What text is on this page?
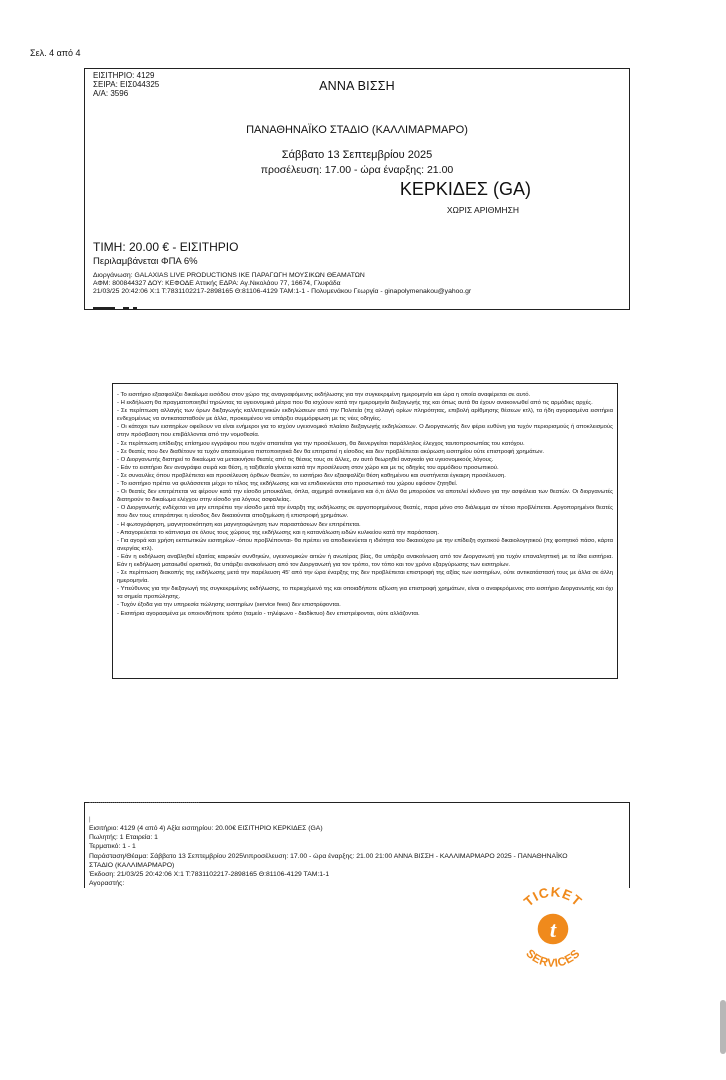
Σελ. 4 από 4
ΕΙΣΙΤΗΡΙΟ: 4129
ΣΕΙΡΑ: ΕΙΣ044325
Α/Α: 3596
ΑΝΝΑ ΒΙΣΣΗ
ΠΑΝΑΘΗΝΑΪΚΟ ΣΤΑΔΙΟ (ΚΑΛΛΙΜΑΡΜΑΡΟ)
Σάββατο 13 Σεπτεμβρίου 2025
προσέλευση: 17.00 - ώρα έναρξης: 21.00
ΚΕΡΚΙΔΕΣ (GA)
ΧΩΡΙΣ ΑΡΙΘΜΗΣΗ
ΤΙΜΗ: 20.00 € - ΕΙΣΙΤΗΡΙΟ
Περιλαμβάνεται ΦΠΑ 6%
Διοργάνωση: GALAXIAS LIVE PRODUCTIONS ΙΚΕ ΠΑΡΑΓΩΓΗ ΜΟΥΣΙΚΩΝ ΘΕΑΜΑΤΩΝ
ΑΦΜ: 800844327 ΔΟΥ: ΚΕΦΟΔΕ Αττικής ΕΔΡΑ: Αγ.Νικολάου 77, 16674, Γλυφάδα
21/03/25 20:42:06 Χ:1 Τ:7831102217-2898165 Θ:81106-4129 ΤΑΜ:1-1 - Πολυμενάκου Γεωργία - ginapolymenakou@yahoo.gr

- Το εισιτήριο εξασφαλίζει δικαίωμα εισόδου στον χώρο της αναγραφόμενης εκδήλωσης για την συγκεκριμένη ημερομηνία και ώρα η οποία αναφέρεται σε αυτό.

- Η εκδήλωση θα πραγματοποιηθεί τηρώντας τα υγειονομικά μέτρα που θα ισχύουν κατά την ημερομηνία διεξαγωγής της και όπως αυτά θα έχουν ανακοινωθεί από τις αρμόδιες αρχές.

- Σε περίπτωση αλλαγής των όρων διεξαγωγής καλλιτεχνικών εκδηλώσεων από την Πολιτεία (πχ αλλαγή ορίων πληρότητας, επιβολή αρίθμησης θέσεων κτλ), τα ήδη αγορασμένα εισιτήρια ενδεχομένως να αντικατασταθούν με άλλα, προκειμένου να υπάρξει συμμόρφωση με τις νέες οδηγίες.

- Οι κάτοχοι των εισιτηρίων οφείλουν να είναι ενήμεροι για το ισχύον υγειονομικό πλαίσιο διεξαγωγής εκδηλώσεων. Ο Διοργανωτής δεν φέρει ευθύνη για τυχόν περιορισμούς ή αποκλεισμούς στην πρόσβαση που επιβάλλονται από την νομοθεσία.

- Σε περίπτωση επίδειξης επίσημου εγγράφου που τυχόν απαιτείται για την προσέλευση, θα διενεργείται παράλληλος έλεγχος ταυτοπροσωπίας του κατόχου.

- Σε θεατές που δεν διαθέτουν τα τυχόν απαιτούμενα πιστοποιητικά δεν θα επιτραπεί η είσοδος και δεν προβλέπεται ακύρωση εισιτηρίου ούτε επιστροφή χρημάτων.

- Ο Διοργανωτής διατηρεί το δικαίωμα να μετακινήσει θεατές από τις θέσεις τους σε άλλες, αν αυτό θεωρηθεί αναγκαίο για υγειονομικούς λόγους.

- Εάν το εισιτήριο δεν αναγράφει σειρά και θέση, η ταξιθεσία γίνεται κατά την προσέλευση στον χώρο και με τις οδηγίες του αρμόδιου προσωπικού.

- Σε συναυλίες όπου προβλέπεται και προσέλευση όρθιων θεατών, το εισιτήριο δεν εξασφαλίζει θέση καθημένου και συστήνεται έγκαιρη προσέλευση.

- Το εισιτήριο πρέπει να φυλάσσεται μέχρι το τέλος της εκδήλωσης και να επιδεικνύεται στο προσωπικό του χώρου εφόσον ζητηθεί.

- Οι θεατές δεν επιτρέπεται να φέρουν κατά την είσοδο μπουκάλια, όπλα, αιχμηρά αντικείμενα και ό,τι άλλο θα μπορούσε να αποτελεί κίνδυνο για την ασφάλεια των θεατών. Οι διοργανωτές διατηρούν το δικαίωμα ελέγχου στην είσοδο για λόγους ασφαλείας.

- Ο Διοργανωτής ενδέχεται να μην επιτρέπει την είσοδο μετά την έναρξη της εκδήλωσης σε αργοπορημένους θεατές, παρα μόνο στο διάλειμμα αν τέτοιο προβλέπεται. Αργοπορημένοι θεατές που δεν τους επιτράπηκε η είσοδος δεν δικαιούνται αποζημίωση ή επιστροφή χρημάτων.

- Η φωτογράφηση, μαγνητοσκόπηση και μαγνητοφώνηση των παραστάσεων δεν επιτρέπεται.

- Απαγορεύεται το κάπνισμα σε όλους τους χώρους της εκδήλωσης και η κατανάλωση ειδών κυλικείου κατά την παράσταση.

- Για αγορά και χρήση εκπτωτικών εισιτηρίων -όπου προβλέπονται- θα πρέπει να αποδεικνύεται η ιδιότητα του δικαιούχου με την επίδειξη σχετικού δικαιολογητικού (πχ φοιτητικό πάσο, κάρτα ανεργίας κτλ).

- Εάν η εκδήλωση αναβληθεί εξαιτίας καιρικών συνθηκών, υγειονομικών αιτιών ή ανωτέρας βίας, θα υπάρξει ανακοίνωση από τον Διοργανωτή για τυχόν επαναληπτική με τα ίδια εισιτήρια. Εάν η εκδήλωση ματαιωθεί οριστικά, θα υπάρξει ανακοίνωση από τον Διοργανωτή για τον τρόπο, τον τόπο και τον χρόνο εξαργύρωσης των εισιτηρίων.

- Σε περίπτωση διακοπής της εκδήλωσης μετά την παρέλευση 45' από την ώρα έναρξης της δεν προβλέπεται επιστροφή της αξίας των εισιτηρίων, ούτε αντικατάστασή τους με άλλα σε άλλη ημερομηνία.

- Υπεύθυνος για την διεξαγωγή της συγκεκριμένης εκδήλωσης, το περιεχόμενό της και οποιαδήποτε αξίωση για επιστροφή χρημάτων, είναι ο αναφερόμενος στο εισιτήριο Διοργανωτής και όχι τα σημεία προπώλησης.

- Τυχόν έξοδα για την υπηρεσία πώλησης εισιτηρίων (service fees) δεν επιστρέφονται.

- Εισιτήρια αγορασμένα με οποιονδήποτε τρόπο (ταμείο - τηλέφωνο - διαδίκτυο) δεν επιστρέφονται, ούτε αλλάζονται.

|
Εισιτήριο: 4129 (4 από 4) Αξία εισιτηρίου: 20.00€ ΕΙΣΙΤΗΡΙΟ ΚΕΡΚΙΔΕΣ (GA)
Πωλητής: 1 Εταιρεία: 1
Τερματικό: 1 - 1
Παράσταση/Θέαμα: Σάββατο 13 Σεπτεμβρίου 2025\nπροσέλευση: 17.00 - ώρα έναρξης: 21.00 21:00 ΑΝΝΑ ΒΙΣΣΗ - ΚΑΛΛΙΜΑΡΜΑΡΟ 2025 - ΠΑΝΑΘΗΝΑΪΚΟ
ΣΤΑΔΙΟ (ΚΑΛΛΙΜΑΡΜΑΡΟ)
Έκδοση: 21/03/25 20:42:06 Χ:1 Τ:7831102217-2898165 Θ:81106-4129 ΤΑΜ:1-1
Αγοραστής:
TICKET
t
SERVICES
